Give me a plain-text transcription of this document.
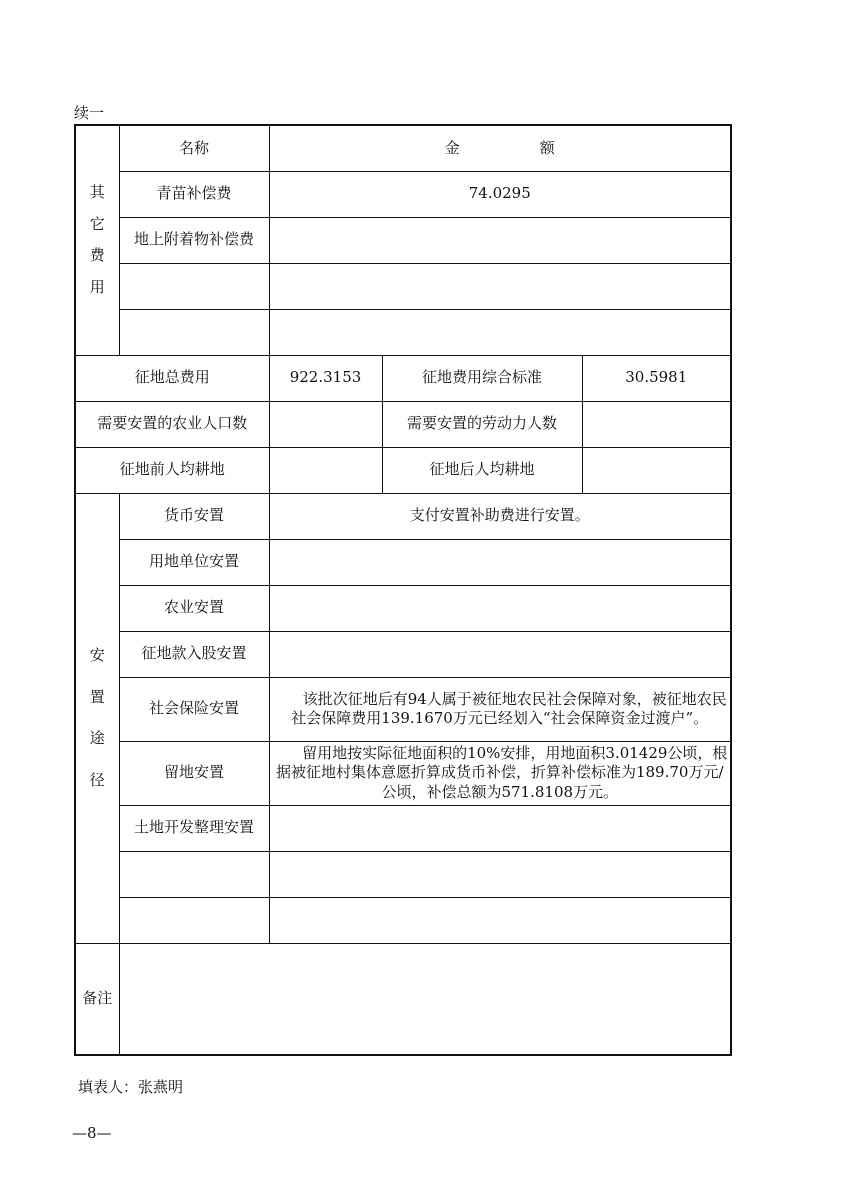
续一
其
它
费
用	名称	金 额		
	青苗补偿费	74.0295		
	地上附着物补偿费			

征地总费用		922.3153	征地费用综合标准	30.5981
需要安置的农业人口数			需要安置的劳动力人数	
征地前人均耕地			征地后人均耕地	

安
置
途
径	货币安置	支付安置补助费进行安置。		
	用地单位安置			
	农业安置			
	征地款入股安置			
	社会保险安置	该批次征地后有94人属于被征地农民社会保障对象，被征地农民社会保障费用139.1670万元已经划入“社会保障资金过渡户”。		

	留地安置	留用地按实际征地面积的10%安排，用地面积3.01429公顷，根据被征地村集体意愿折算成货币补偿，折算补偿标准为189.70万元/公顷，补偿总额为571.8108万元。		

	土地开发整理安置			

备注				
填表人：张燕明
—8—
